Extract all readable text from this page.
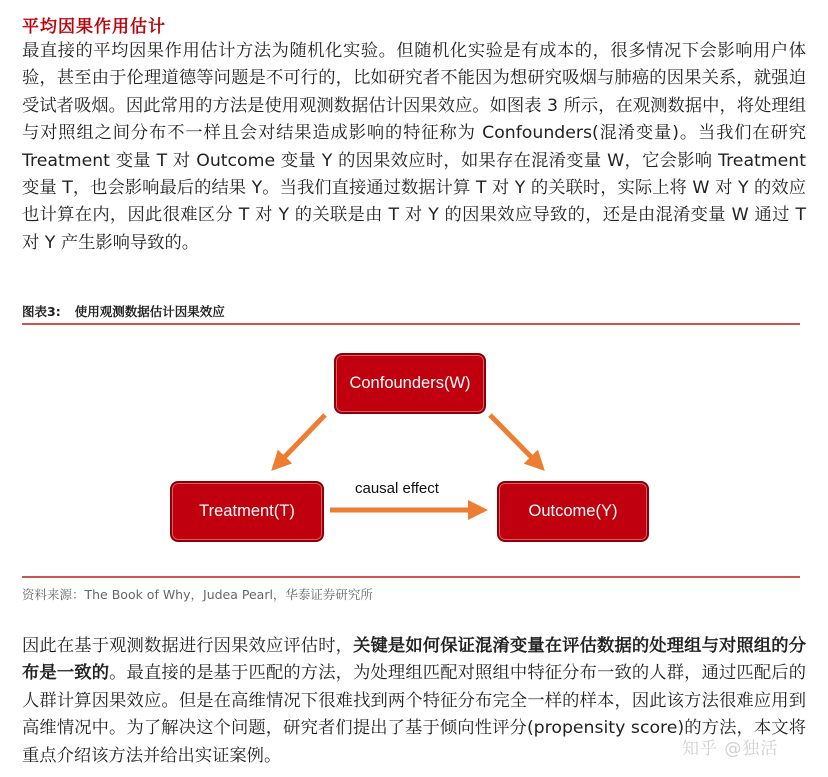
平均因果作用估计

最直接的平均因果作用估计方法为随机化实验。但随机化实验是有成本的，很多情况下会影响用户体验，甚至由于伦理道德等问题是不可行的，比如研究者不能因为想研究吸烟与肺癌的因果关系，就强迫受试者吸烟。因此常用的方法是使用观测数据估计因果效应。如图表 3 所示，在观测数据中，将处理组与对照组之间分布不一样且会对结果造成影响的特征称为 Confounders(混淆变量)。当我们在研究 Treatment 变量 T 对 Outcome 变量 Y 的因果效应时，如果存在混淆变量 W，它会影响 Treatment 变量 T，也会影响最后的结果 Y。当我们直接通过数据计算 T 对 Y 的关联时，实际上将 W 对 Y 的效应也计算在内，因此很难区分 T 对 Y 的关联是由 T 对 Y 的因果效应导致的，还是由混淆变量 W 通过 T 对 Y 产生影响导致的。

图表3: 使用观测数据估计因果效应
Confounders(W)
Treatment(T)	Outcome(Y)
causal effect
资料来源：The Book of Why，Judea Pearl，华泰证券研究所

因此在基于观测数据进行因果效应评估时，关键是如何保证混淆变量在评估数据的处理组与对照组的分布是一致的。最直接的是基于匹配的方法，为处理组匹配对照组中特征分布一致的人群，通过匹配后的人群计算因果效应。但是在高维情况下很难找到两个特征分布完全一样的样本，因此该方法很难应用到高维情况中。为了解决这个问题，研究者们提出了基于倾向性评分(propensity score)的方法，本文将重点介绍该方法并给出实证案例。	知乎 @独活
